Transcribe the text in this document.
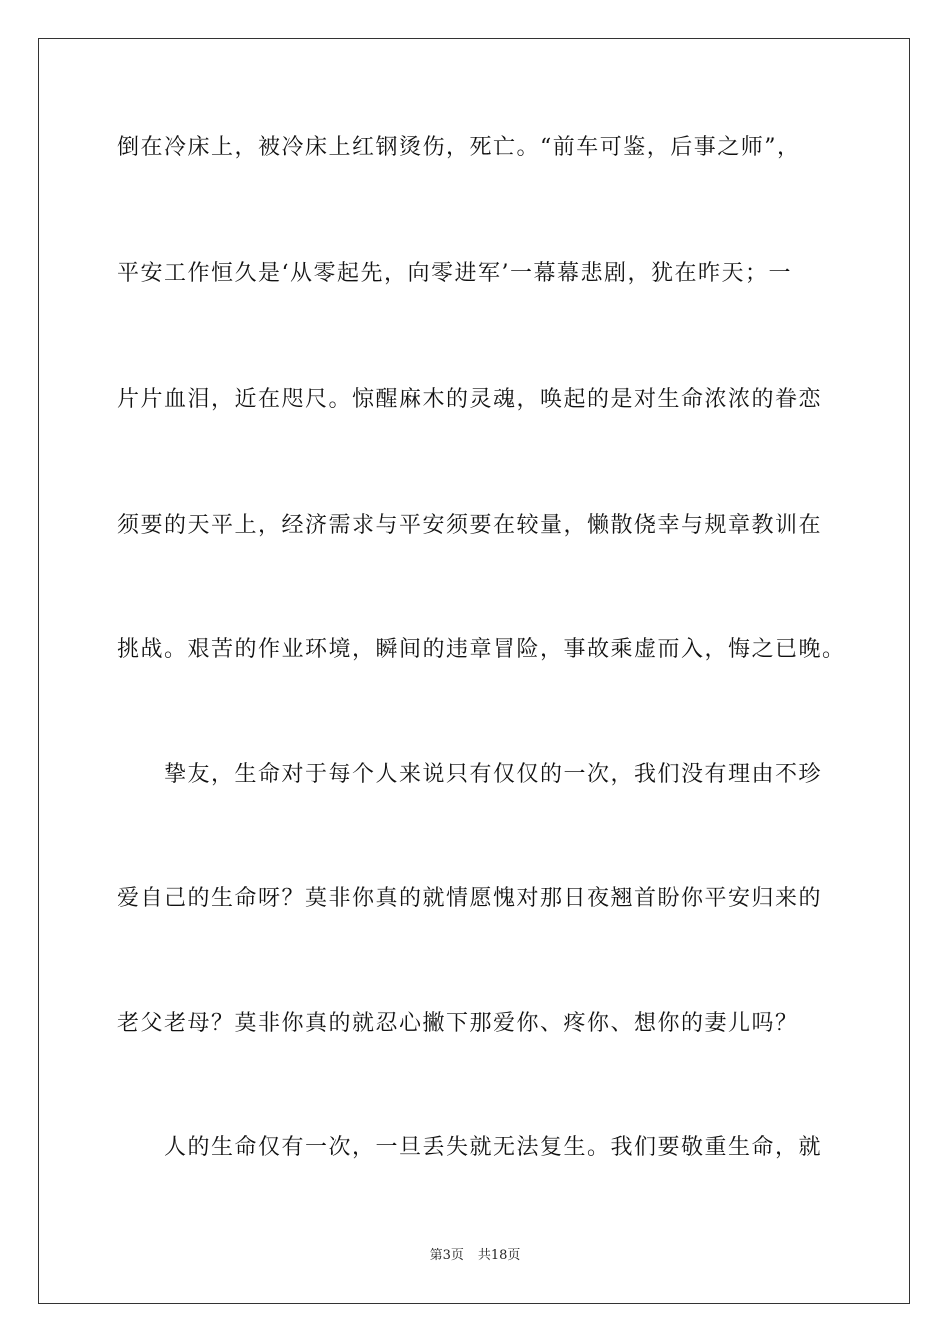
倒在冷床上，被冷床上红钢烫伤，死亡。“前车可鉴，后事之师”，
平安工作恒久是‘从零起先，向零进军’一幕幕悲剧，犹在昨天；一
片片血泪，近在咫尺。惊醒麻木的灵魂，唤起的是对生命浓浓的眷恋
须要的天平上，经济需求与平安须要在较量，懒散侥幸与规章教训在
挑战。艰苦的作业环境，瞬间的违章冒险，事故乘虚而入，悔之已晚。
挚友，生命对于每个人来说只有仅仅的一次，我们没有理由不珍
爱自己的生命呀？莫非你真的就情愿愧对那日夜翘首盼你平安归来的
老父老母？莫非你真的就忍心撇下那爱你、疼你、想你的妻儿吗？
人的生命仅有一次，一旦丢失就无法复生。我们要敬重生命，就
第3页 共18页
